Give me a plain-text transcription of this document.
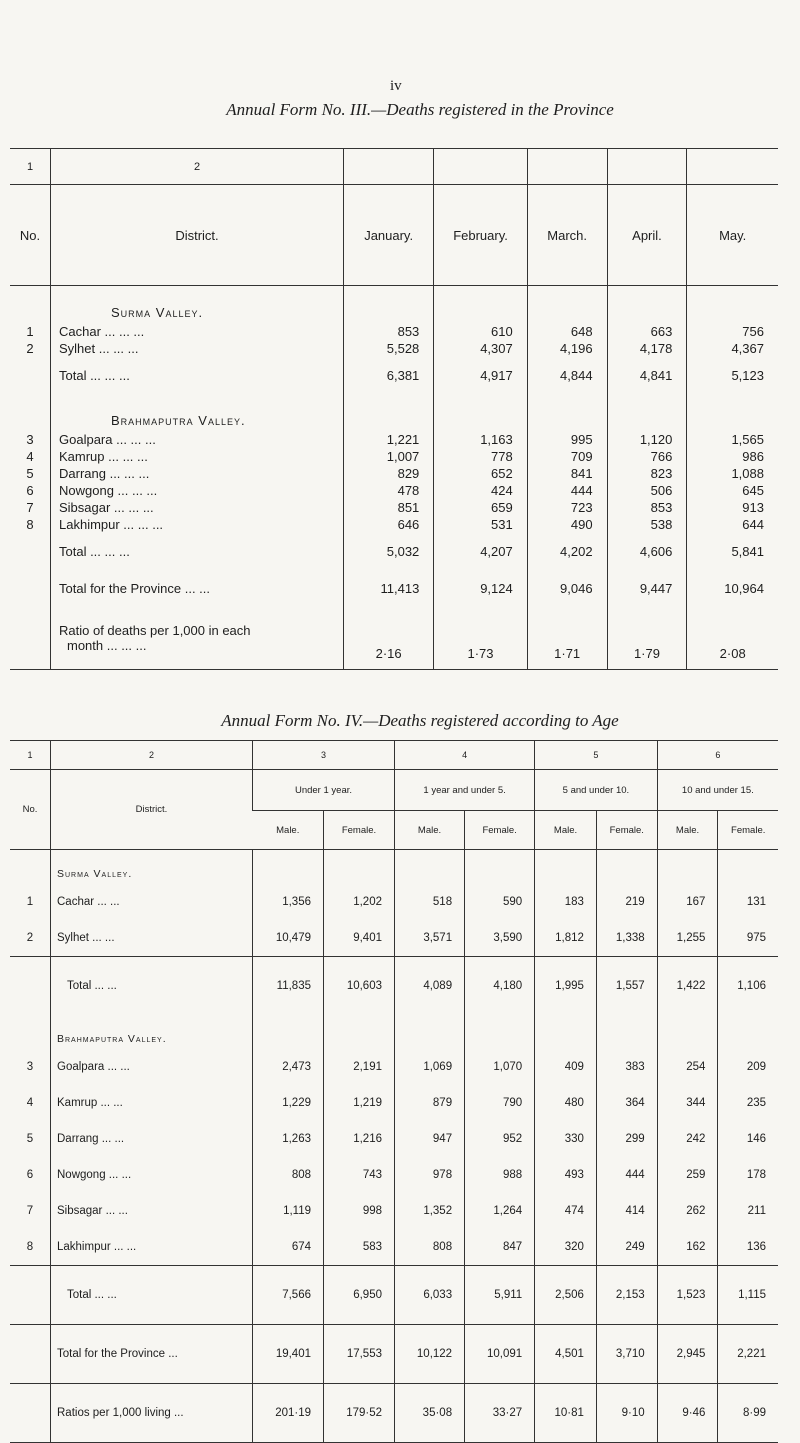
iv
Annual Form No. III.—Deaths registered in the Province
1	2					
No.	District.	January.	February.	March.	April.	May.
	Surma Valley.					
1	Cachar ... ... ...	853	610	648	663	756
2	Sylhet ... ... ...	5,528	4,307	4,196	4,178	4,367
	Total ... ... ...	6,381	4,917	4,844	4,841	5,123
	Brahmaputra Valley.					
3	Goalpara ... ... ...	1,221	1,163	995	1,120	1,565
4	Kamrup ... ... ...	1,007	778	709	766	986
5	Darrang ... ... ...	829	652	841	823	1,088
6	Nowgong ... ... ...	478	424	444	506	645
7	Sibsagar ... ... ...	851	659	723	853	913
8	Lakhimpur ... ... ...	646	531	490	538	644
	Total ... ... ...	5,032	4,207	4,202	4,606	5,841
	Total for the Province ... ...	11,413	9,124	9,046	9,447	10,964

	Ratio of deaths per 1,000 in each
month ... ... ...	2·16	1·73	1·71	1·79	2·08
Annual Form No. IV.—Deaths registered according to Age
1	2	3		4		5		6	
No.	District.	Under 1 year.		1 year and under 5.		5 and under 10.		10 and under 15.	
		Male.	Female.	Male.	Female.	Male.	Female.	Male.	Female.
	Surma Valley.								
1	Cachar ... ...	1,356	1,202	518	590	183	219	167	131
2	Sylhet ... ...	10,479	9,401	3,571	3,590	1,812	1,338	1,255	975
	Total ... ...	11,835	10,603	4,089	4,180	1,995	1,557	1,422	1,106
	Brahmaputra Valley.								
3	Goalpara ... ...	2,473	2,191	1,069	1,070	409	383	254	209
4	Kamrup ... ...	1,229	1,219	879	790	480	364	344	235
5	Darrang ... ...	1,263	1,216	947	952	330	299	242	146
6	Nowgong ... ...	808	743	978	988	493	444	259	178
7	Sibsagar ... ...	1,119	998	1,352	1,264	474	414	262	211
8	Lakhimpur ... ...	674	583	808	847	320	249	162	136
	Total ... ...	7,566	6,950	6,033	5,911	2,506	2,153	1,523	1,115
	Total for the Province ...	19,401	17,553	10,122	10,091	4,501	3,710	2,945	2,221
	Ratios per 1,000 living ...	201·19	179·52	35·08	33·27	10·81	9·10	9·46	8·99
